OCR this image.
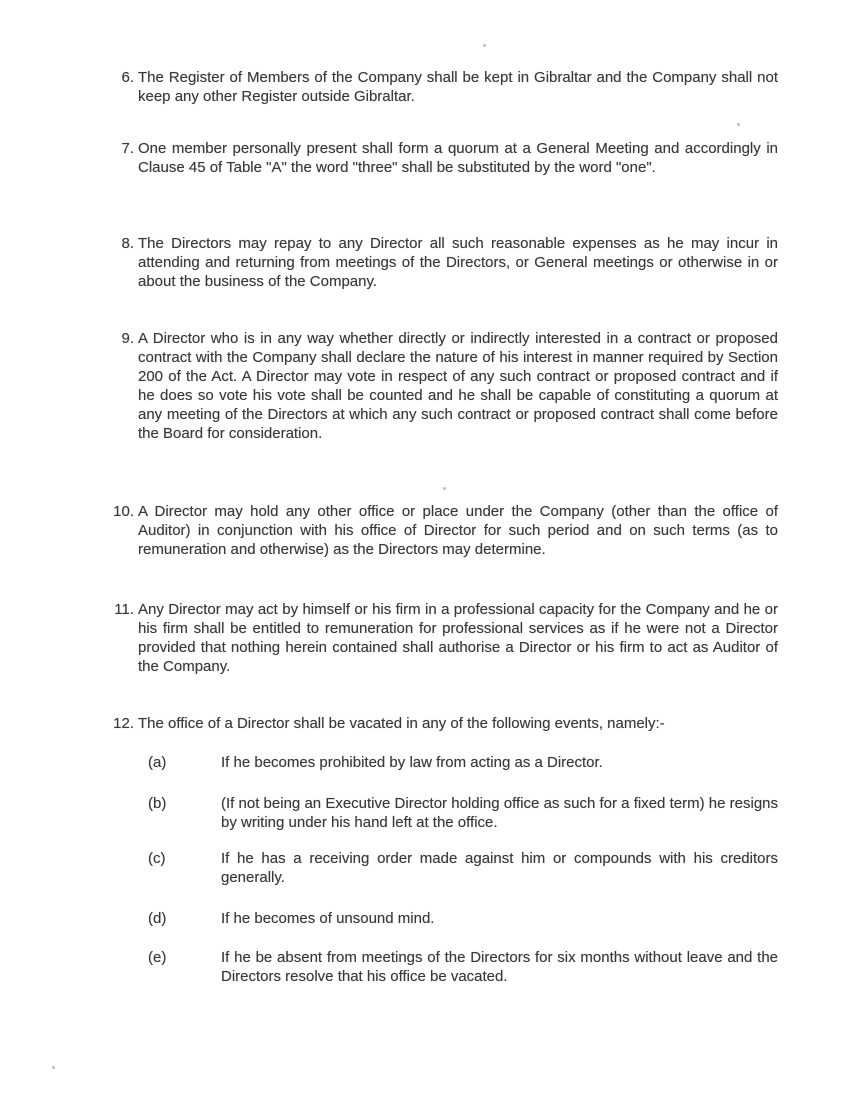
6. The Register of Members of the Company shall be kept in Gibraltar and the Company shall not keep any other Register outside Gibraltar.
7. One member personally present shall form a quorum at a General Meeting and accordingly in Clause 45 of Table "A" the word "three" shall be substituted by the word "one".
8. The Directors may repay to any Director all such reasonable expenses as he may incur in attending and returning from meetings of the Directors, or General meetings or otherwise in or about the business of the Company.
9. A Director who is in any way whether directly or indirectly interested in a contract or proposed contract with the Company shall declare the nature of his interest in manner required by Section 200 of the Act. A Director may vote in respect of any such contract or proposed contract and if he does so vote his vote shall be counted and he shall be capable of constituting a quorum at any meeting of the Directors at which any such contract or proposed contract shall come before the Board for consideration.
10. A Director may hold any other office or place under the Company (other than the office of Auditor) in conjunction with his office of Director for such period and on such terms (as to remuneration and otherwise) as the Directors may determine.
11. Any Director may act by himself or his firm in a professional capacity for the Company and he or his firm shall be entitled to remuneration for professional services as if he were not a Director provided that nothing herein contained shall authorise a Director or his firm to act as Auditor of the Company.
12. The office of a Director shall be vacated in any of the following events, namely:-
(a)	If he becomes prohibited by law from acting as a Director.
(b)	(If not being an Executive Director holding office as such for a fixed term) he resigns by writing under his hand left at the office.
(c)	If he has a receiving order made against him or compounds with his creditors generally.
(d)	If he becomes of unsound mind.
(e)	If he be absent from meetings of the Directors for six months without leave and the Directors resolve that his office be vacated.
